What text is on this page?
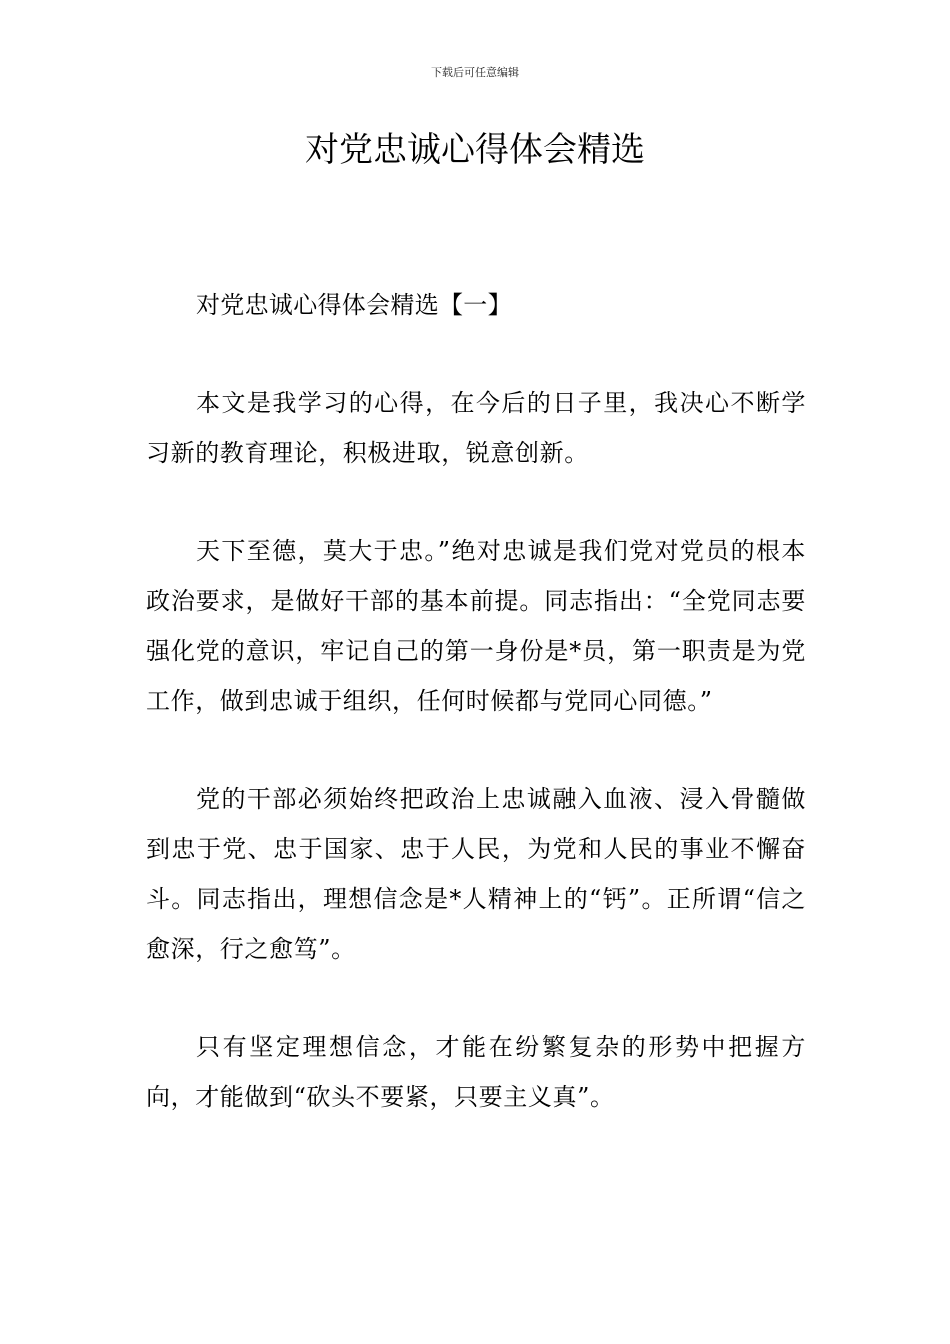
下载后可任意编辑
对党忠诚心得体会精选

对党忠诚心得体会精选【一】

本文是我学习的心得，在今后的日子里，我决心不断学习新的教育理论，积极进取，锐意创新。

天下至德，莫大于忠。”绝对忠诚是我们党对党员的根本政治要求，是做好干部的基本前提。同志指出：“全党同志要强化党的意识，牢记自己的第一身份是*员，第一职责是为党工作，做到忠诚于组织，任何时候都与党同心同德。”

党的干部必须始终把政治上忠诚融入血液、浸入骨髓做到忠于党、忠于国家、忠于人民，为党和人民的事业不懈奋斗。同志指出，理想信念是*人精神上的“钙”。正所谓“信之愈深，行之愈笃”。

只有坚定理想信念，才能在纷繁复杂的形势中把握方向，才能做到“砍头不要紧，只要主义真”。
